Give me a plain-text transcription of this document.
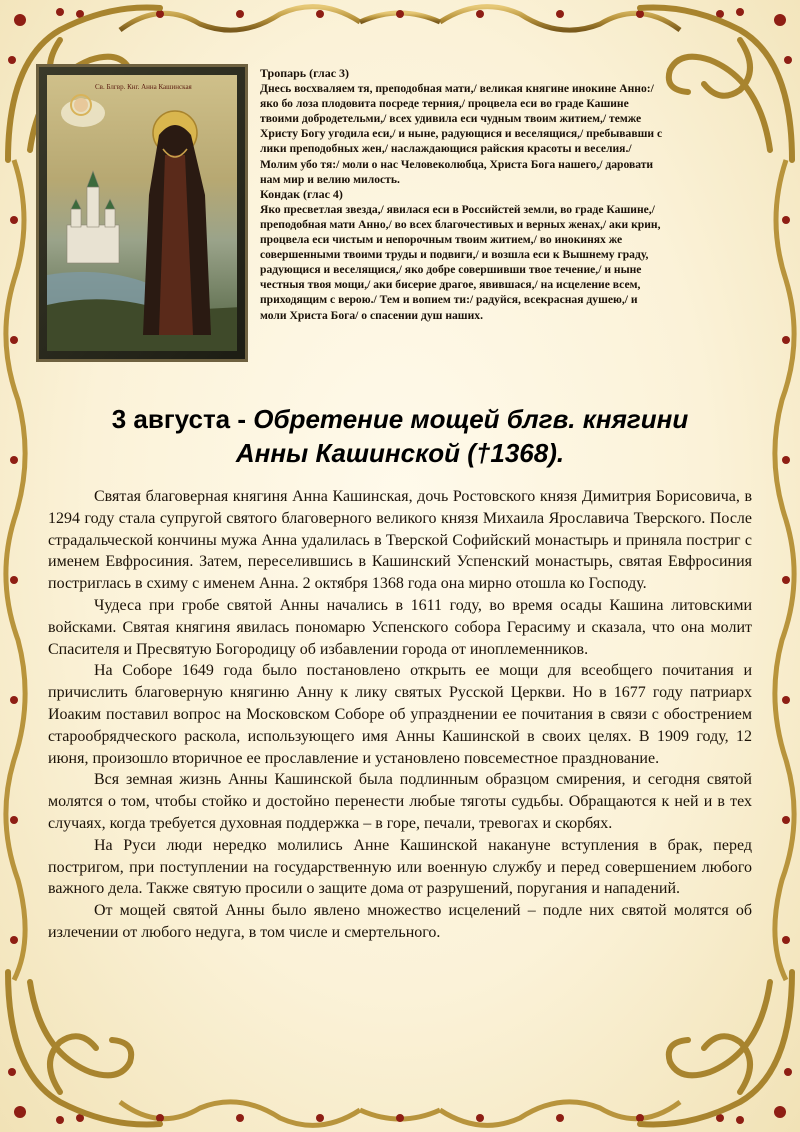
Св. Блгвр. Кнг. Анна Кашинская
Тропарь (глас 3)
Днесь восхваляем тя, преподобная мати,/ великая княгине инокине Анно:/
яко бо лоза плодовита посреде терния,/ процвела еси во граде Кашине
твоими добродетельми,/ всех удивила еси чудным твоим житием,/ темже
Христу Богу угодила еси,/ и ныне, радующися и веселящися,/ пребывавши с
лики преподобных жен,/ наслаждающися райския красоты и веселия./
Молим убо тя:/ моли о нас Человеколюбца, Христа Бога нашего,/ даровати
нам мир и велию милость.
Кондак (глас 4)
Яко пресветлая звезда,/ явилася еси в Российстей земли, во граде Кашине,/
преподобная мати Анно,/ во всех благочестивых и верных женах,/ аки крин,
процвела еси чистым и непорочным твоим житием,/ во инокинях же
совершенными твоими труды и подвиги,/ и возшла еси к Вышнему граду,
радующися и веселящися,/ яко добре совершивши твое течение,/ и ныне
честныя твоя мощи,/ аки бисерие драгое, явившася,/ на исцеление всем,
приходящим с верою./ Тем и вопием ти:/ радуйся, всекрасная душею,/ и
моли Христа Бога/ о спасении душ наших.
3 августа - Обретение мощей блгв. княгини
Анны Кашинской (†1368).

Святая благоверная княгиня Анна Кашинская, дочь Ростовского князя Димитрия Борисовича, в 1294 году стала супругой святого благоверного великого князя Михаила Ярославича Тверского. После страдальческой кончины мужа Анна удалилась в Тверской Софийский монастырь и приняла постриг с именем Евфросиния. Затем, переселившись в Кашинский Успенский монастырь, святая Евфросиния постриглась в схиму с именем Анна. 2 октября 1368 года она мирно отошла ко Господу.

Чудеса при гробе святой Анны начались в 1611 году, во время осады Кашина литовскими войсками. Святая княгиня явилась пономарю Успенского собора Герасиму и сказала, что она молит Спасителя и Пресвятую Богородицу об избавлении города от иноплеменников.

На Соборе 1649 года было постановлено открыть ее мощи для всеобщего почитания и причислить благоверную княгиню Анну к лику святых Русской Церкви. Но в 1677 году патриарх Иоаким поставил вопрос на Московском Соборе об упразднении ее почитания в связи с обострением старообрядческого раскола, использующего имя Анны Кашинской в своих целях. В 1909 году, 12 июня, произошло вторичное ее прославление и установлено повсеместное празднование.

Вся земная жизнь Анны Кашинской была подлинным образцом смирения, и сегодня святой молятся о том, чтобы стойко и достойно перенести любые тяготы судьбы. Обращаются к ней и в тех случаях, когда требуется духовная поддержка – в горе, печали, тревогах и скорбях.

На Руси люди нередко молились Анне Кашинской накануне вступления в брак, перед постригом, при поступлении на государственную или военную службу и перед совершением любого важного дела. Также святую просили о защите дома от разрушений, поругания и нападений.

От мощей святой Анны было явлено множество исцелений – подле них святой молятся об излечении от любого недуга, в том числе и смертельного.
